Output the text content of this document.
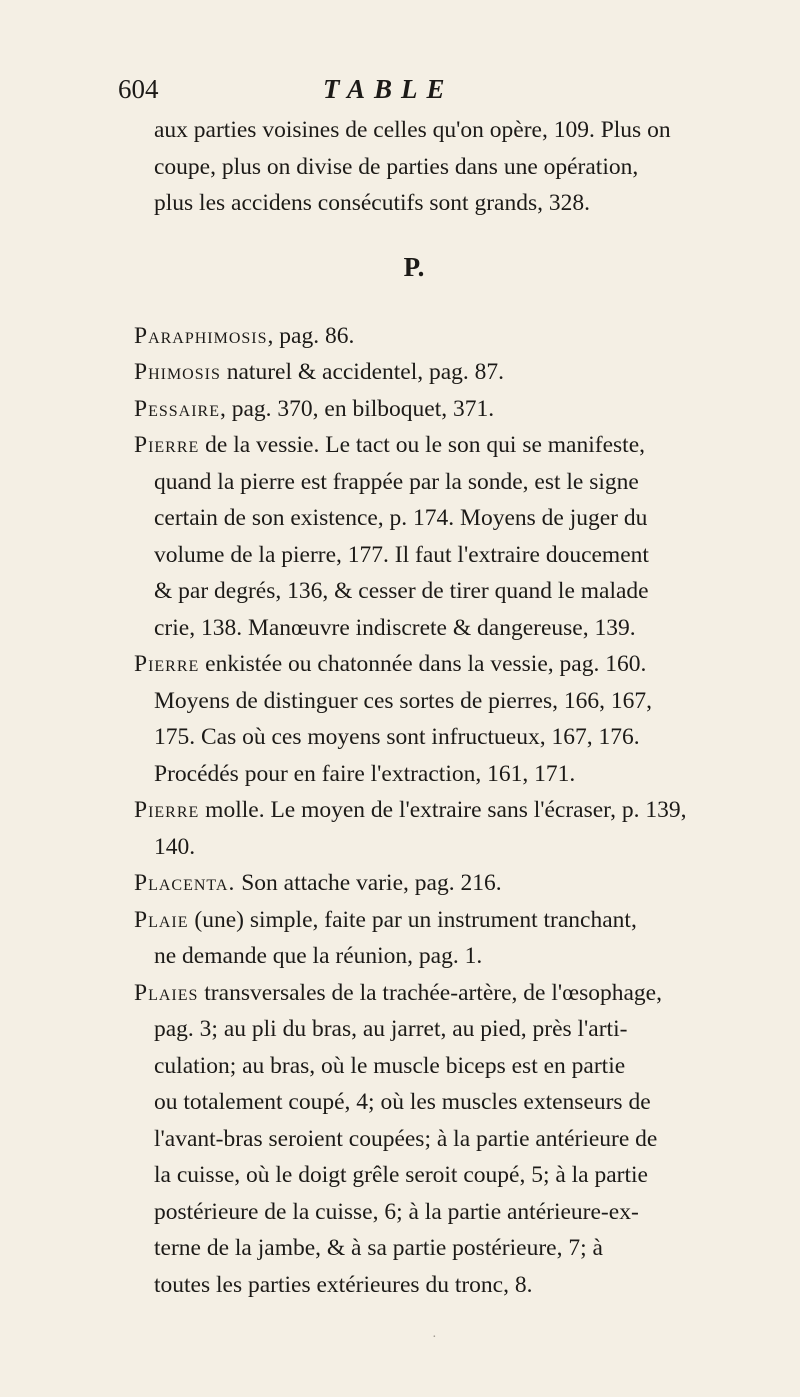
604	TABLE
aux parties voisines de celles qu'on opère, 109. Plus on
coupe, plus on divise de parties dans une opération,
plus les accidens consécutifs sont grands, 328.
P.
Paraphimosis, pag. 86.
Phimosis naturel & accidentel, pag. 87.
Pessaire, pag. 370, en bilboquet, 371.
Pierre de la vessie. Le tact ou le son qui se manifeste,
quand la pierre est frappée par la sonde, est le signe
certain de son existence, p. 174. Moyens de juger du
volume de la pierre, 177. Il faut l'extraire doucement
& par degrés, 136, & cesser de tirer quand le malade
crie, 138. Manœuvre indiscrete & dangereuse, 139.
Pierre enkistée ou chatonnée dans la vessie, pag. 160.
Moyens de distinguer ces sortes de pierres, 166, 167,
175. Cas où ces moyens sont infructueux, 167, 176.
Procédés pour en faire l'extraction, 161, 171.
Pierre molle. Le moyen de l'extraire sans l'écraser, p. 139,
140.
Placenta. Son attache varie, pag. 216.
Plaie (une) simple, faite par un instrument tranchant,
ne demande que la réunion, pag. 1.
Plaies transversales de la trachée-artère, de l'œsophage,
pag. 3; au pli du bras, au jarret, au pied, près l'arti-
culation; au bras, où le muscle biceps est en partie
ou totalement coupé, 4; où les muscles extenseurs de
l'avant-bras seroient coupées; à la partie antérieure de
la cuisse, où le doigt grêle seroit coupé, 5; à la partie
postérieure de la cuisse, 6; à la partie antérieure-ex-
terne de la jambe, & à sa partie postérieure, 7; à
toutes les parties extérieures du tronc, 8.
·
